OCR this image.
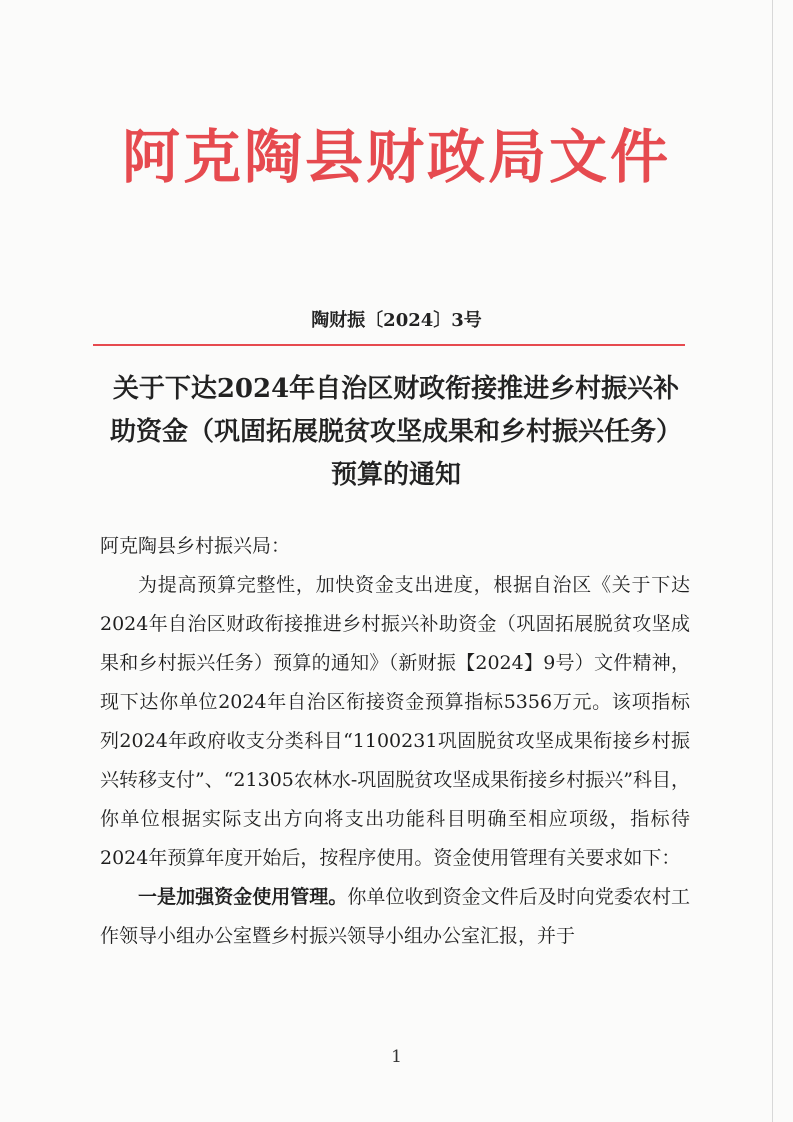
阿克陶县财政局文件
陶财振〔2024〕3号
关于下达2024年自治区财政衔接推进乡村振兴补助资金（巩固拓展脱贫攻坚成果和乡村振兴任务）预算的通知

阿克陶县乡村振兴局：

为提高预算完整性，加快资金支出进度，根据自治区《关于下达2024年自治区财政衔接推进乡村振兴补助资金（巩固拓展脱贫攻坚成果和乡村振兴任务）预算的通知》（新财振【2024】9号）文件精神，现下达你单位2024年自治区衔接资金预算指标5356万元。该项指标列2024年政府收支分类科目“1100231巩固脱贫攻坚成果衔接乡村振兴转移支付”、“21305农林水-巩固脱贫攻坚成果衔接乡村振兴”科目，你单位根据实际支出方向将支出功能科目明确至相应项级，指标待2024年预算年度开始后，按程序使用。资金使用管理有关要求如下：

一是加强资金使用管理。你单位收到资金文件后及时向党委农村工作领导小组办公室暨乡村振兴领导小组办公室汇报，并于

1
